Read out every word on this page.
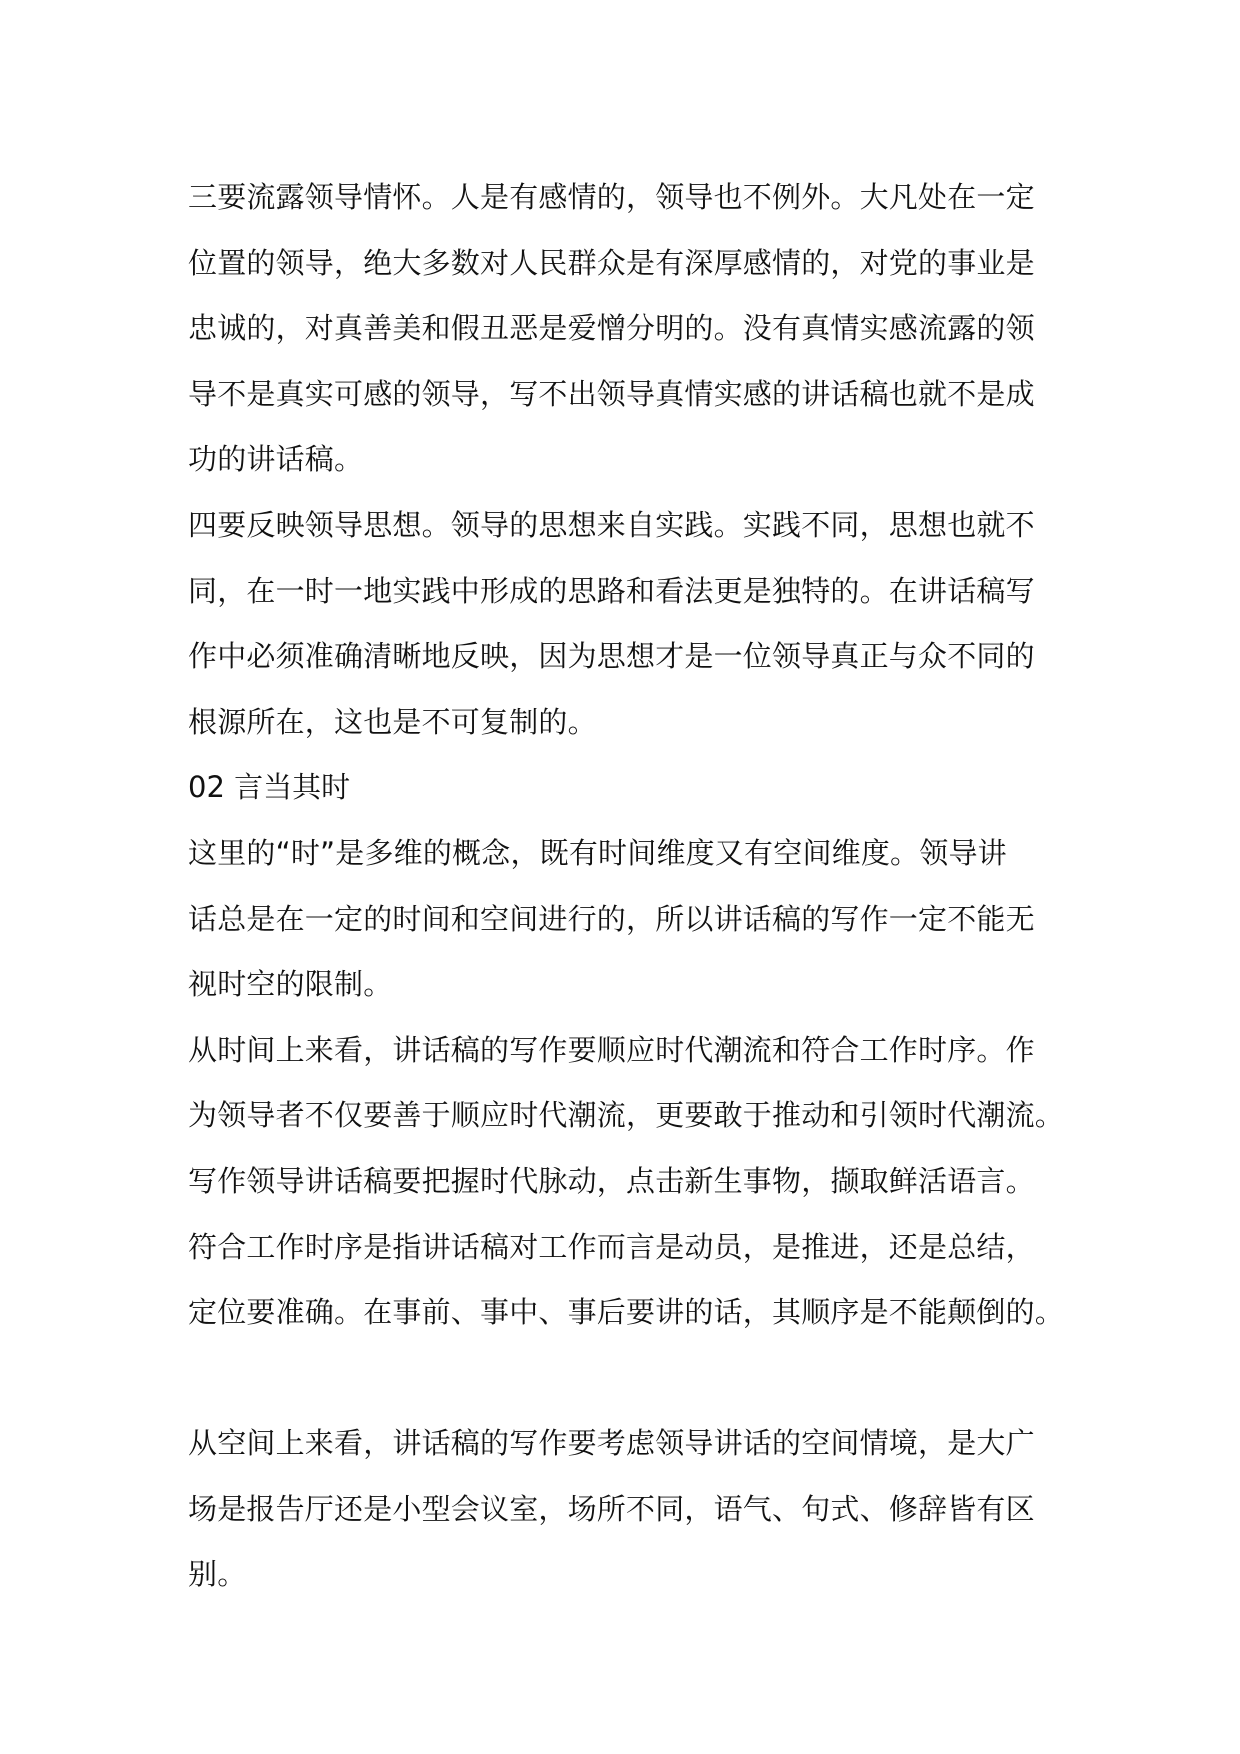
三要流露领导情怀。人是有感情的，领导也不例外。大凡处在一定
位置的领导，绝大多数对人民群众是有深厚感情的，对党的事业是
忠诚的，对真善美和假丑恶是爱憎分明的。没有真情实感流露的领
导不是真实可感的领导，写不出领导真情实感的讲话稿也就不是成
功的讲话稿。
四要反映领导思想。领导的思想来自实践。实践不同，思想也就不
同，在一时一地实践中形成的思路和看法更是独特的。在讲话稿写
作中必须准确清晰地反映，因为思想才是一位领导真正与众不同的
根源所在，这也是不可复制的。
02 言当其时
这里的“时”是多维的概念，既有时间维度又有空间维度。领导讲
话总是在一定的时间和空间进行的，所以讲话稿的写作一定不能无
视时空的限制。
从时间上来看，讲话稿的写作要顺应时代潮流和符合工作时序。作
为领导者不仅要善于顺应时代潮流，更要敢于推动和引领时代潮流。
写作领导讲话稿要把握时代脉动，点击新生事物，撷取鲜活语言。
符合工作时序是指讲话稿对工作而言是动员，是推进，还是总结，
定位要准确。在事前、事中、事后要讲的话，其顺序是不能颠倒的。
从空间上来看，讲话稿的写作要考虑领导讲话的空间情境，是大广
场是报告厅还是小型会议室，场所不同，语气、句式、修辞皆有区
别。
